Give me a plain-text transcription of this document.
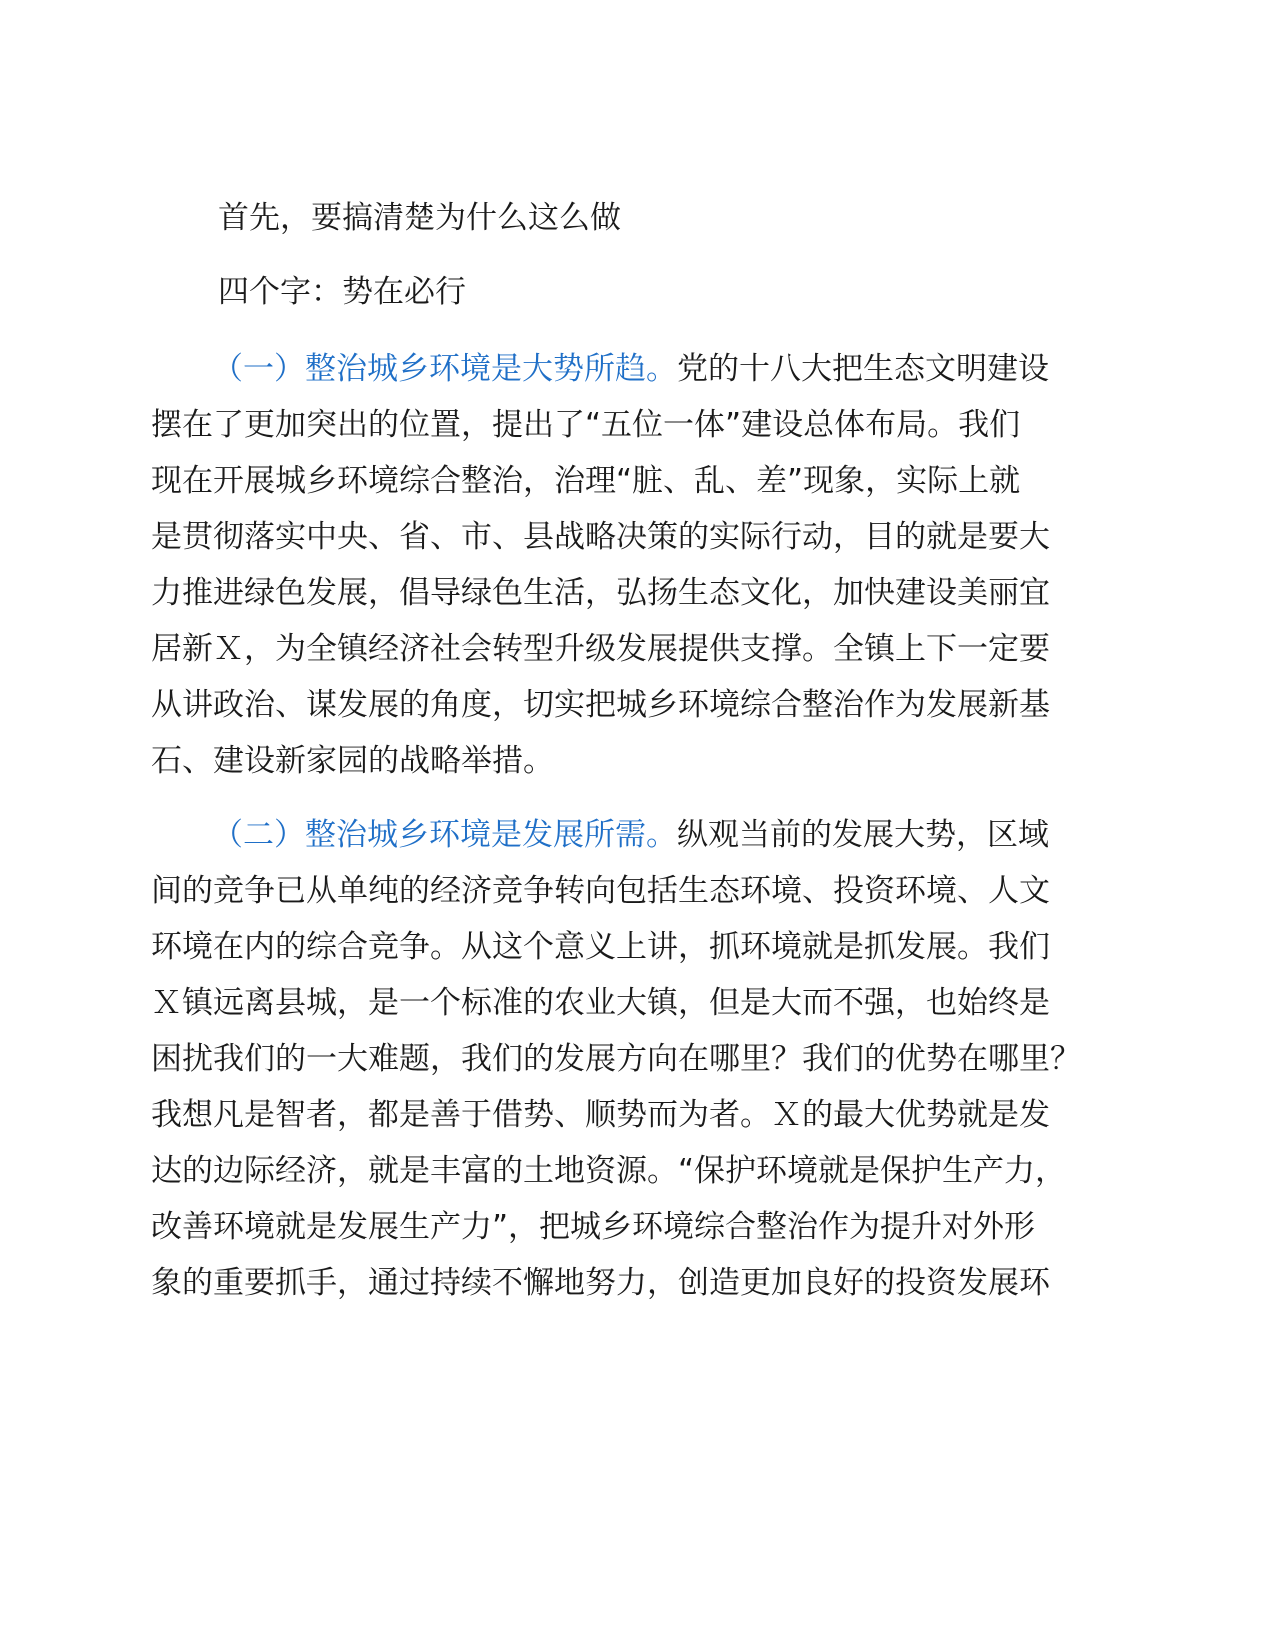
首先，要搞清楚为什么这么做
四个字：势在必行
（一）整治城乡环境是大势所趋。党的十八大把生态文明建设
摆在了更加突出的位置，提出了“五位一体”建设总体布局。我们
现在开展城乡环境综合整治，治理“脏、乱、差”现象，实际上就
是贯彻落实中央、省、市、县战略决策的实际行动，目的就是要大
力推进绿色发展，倡导绿色生活，弘扬生态文化，加快建设美丽宜
居新Ｘ，为全镇经济社会转型升级发展提供支撑。全镇上下一定要
从讲政治、谋发展的角度，切实把城乡环境综合整治作为发展新基
石、建设新家园的战略举措。
（二）整治城乡环境是发展所需。纵观当前的发展大势，区域
间的竞争已从单纯的经济竞争转向包括生态环境、投资环境、人文
环境在内的综合竞争。从这个意义上讲，抓环境就是抓发展。我们
Ｘ镇远离县城，是一个标准的农业大镇，但是大而不强，也始终是
困扰我们的一大难题，我们的发展方向在哪里？我们的优势在哪里？
我想凡是智者，都是善于借势、顺势而为者。Ｘ的最大优势就是发
达的边际经济，就是丰富的土地资源。“保护环境就是保护生产力，
改善环境就是发展生产力”，把城乡环境综合整治作为提升对外形
象的重要抓手，通过持续不懈地努力，创造更加良好的投资发展环
